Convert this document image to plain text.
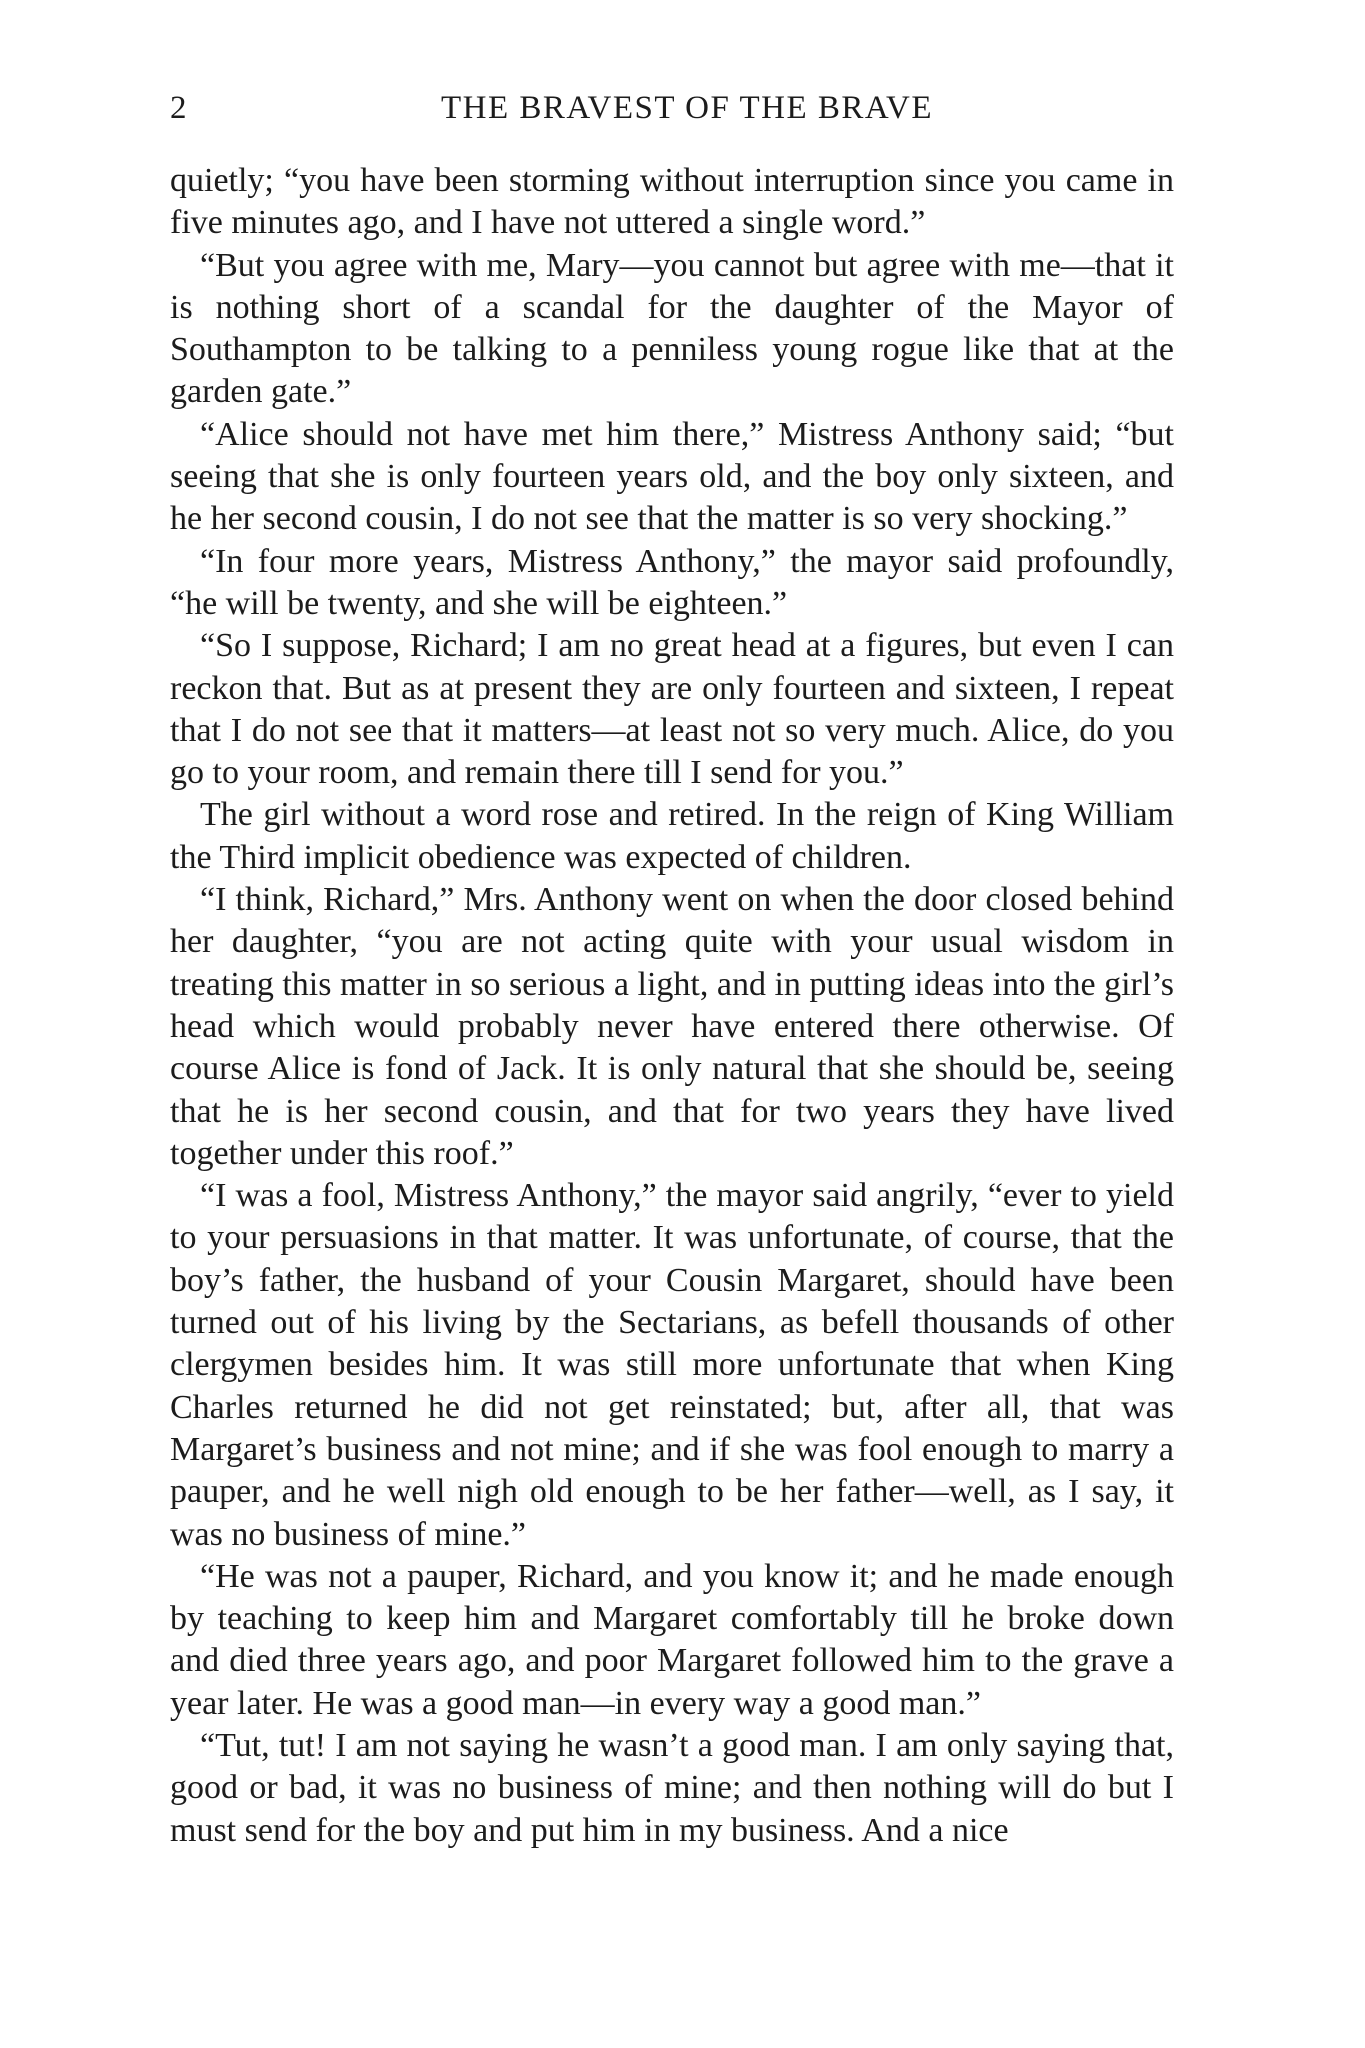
2	THE BRAVEST OF THE BRAVE

quietly; “you have been storming without interruption since you came in five minutes ago, and I have not uttered a single word.”

“But you agree with me, Mary—you cannot but agree with me—that it is nothing short of a scandal for the daughter of the Mayor of Southampton to be talking to a penniless young rogue like that at the garden gate.”

“Alice should not have met him there,” Mistress Anthony said; “but seeing that she is only fourteen years old, and the boy only sixteen, and he her second cousin, I do not see that the matter is so very shocking.”

“In four more years, Mistress Anthony,” the mayor said profoundly, “he will be twenty, and she will be eighteen.”

“So I suppose, Richard; I am no great head at a figures, but even I can reckon that. But as at present they are only fourteen and sixteen, I repeat that I do not see that it matters—at least not so very much. Alice, do you go to your room, and remain there till I send for you.”

The girl without a word rose and retired. In the reign of King William the Third implicit obedience was expected of children.

“I think, Richard,” Mrs. Anthony went on when the door closed behind her daughter, “you are not acting quite with your usual wisdom in treating this matter in so serious a light, and in putting ideas into the girl’s head which would probably never have entered there otherwise. Of course Alice is fond of Jack. It is only natural that she should be, seeing that he is her second cousin, and that for two years they have lived together under this roof.”

“I was a fool, Mistress Anthony,” the mayor said angrily, “ever to yield to your persuasions in that matter. It was unfortunate, of course, that the boy’s father, the husband of your Cousin Margaret, should have been turned out of his living by the Sectarians, as befell thousands of other clergymen besides him. It was still more unfortunate that when King Charles returned he did not get reinstated; but, after all, that was Margaret’s business and not mine; and if she was fool enough to marry a pauper, and he well nigh old enough to be her father—well, as I say, it was no business of mine.”

“He was not a pauper, Richard, and you know it; and he made enough by teaching to keep him and Margaret comfortably till he broke down and died three years ago, and poor Margaret followed him to the grave a year later. He was a good man—in every way a good man.”

“Tut, tut! I am not saying he wasn’t a good man. I am only saying that, good or bad, it was no business of mine; and then nothing will do but I must send for the boy and put him in my business. And a nice
